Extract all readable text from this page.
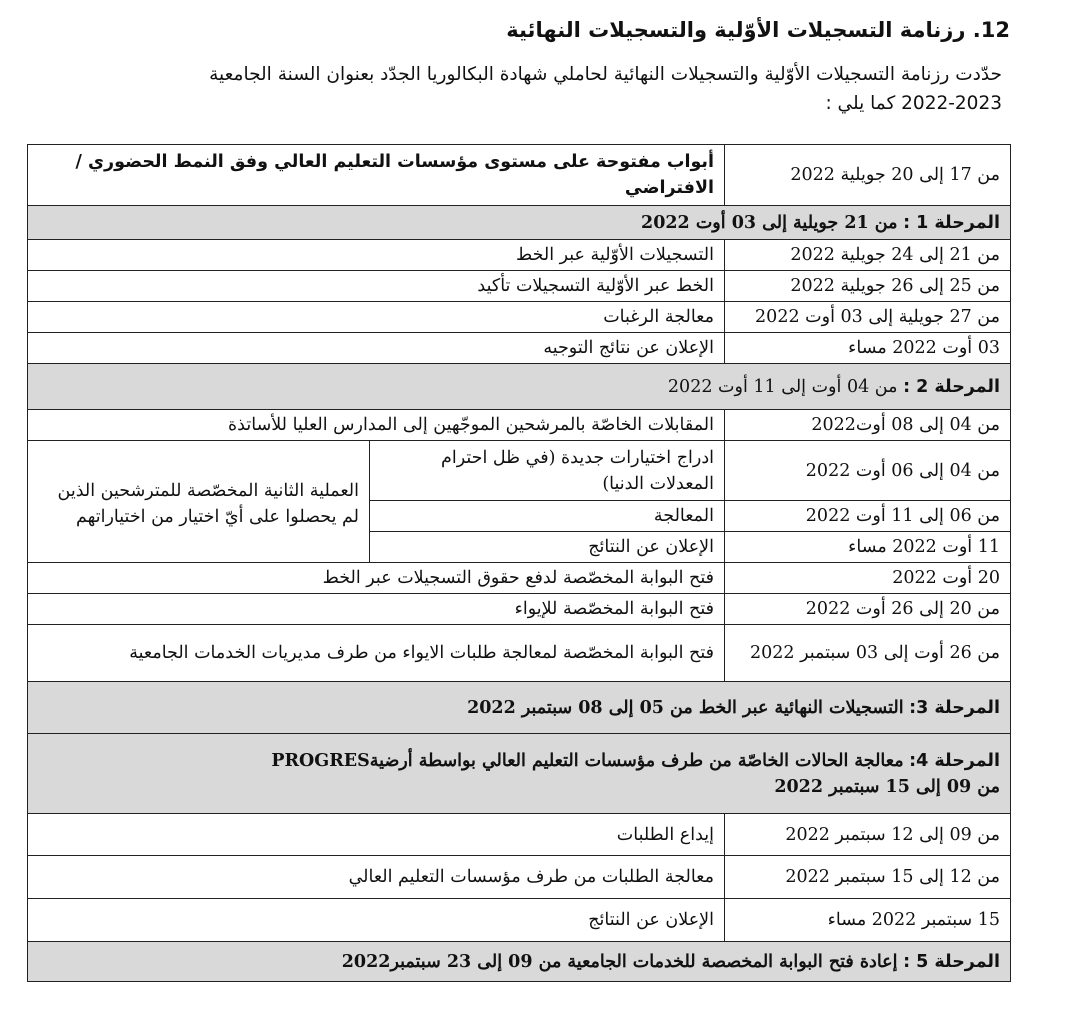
12. رزنامة التسجيلات الأوّلية والتسجيلات النهائية
حدّدت رزنامة التسجيلات الأوّلية والتسجيلات النهائية لحاملي شهادة البكالوريا الجدّد بعنوان السنة الجامعية
2022-2023 كما يلي :
من 17 إلى 20 جويلية 2022	أبواب مفتوحة على مستوى مؤسسات التعليم العالي وفق النمط الحضوري / الافتراضي	
المرحلة 1 : من 21 جويلية إلى 03 أوت 2022		
من 21 إلى 24 جويلية 2022	التسجيلات الأوّلية عبر الخط	
من 25 إلى 26 جويلية 2022	الخط عبر الأوّلية التسجيلات تأكيد	
من 27 جويلية إلى 03 أوت 2022	معالجة الرغبات	
03 أوت 2022 مساء	الإعلان عن نتائج التوجيه	
المرحلة 2 : من 04 أوت إلى 11 أوت 2022		
من 04 إلى 08 أوت2022	المقابلات الخاصّة بالمرشحين الموجّهين إلى المدارس العليا للأساتذة	
من 04 إلى 06 أوت 2022	ادراج اختيارات جديدة (في ظل احترام المعدلات الدنيا)	العملية الثانية المخصّصة للمترشحين الذين لم يحصلوا على أيّ اختيار من اختياراتهم
من 06 إلى 11 أوت 2022	المعالجة	
11 أوت 2022 مساء	الإعلان عن النتائج	
20 أوت 2022	فتح البوابة المخصّصة لدفع حقوق التسجيلات عبر الخط	
من 20 إلى 26 أوت 2022	فتح البوابة المخصّصة للإيواء	
من 26 أوت إلى 03 سبتمبر 2022	فتح البوابة المخصّصة لمعالجة طلبات الايواء من طرف مديريات الخدمات الجامعية	
المرحلة 3: التسجيلات النهائية عبر الخط من 05 إلى 08 سبتمبر 2022		
المرحلة 4: معالجة الحالات الخاصّة من طرف مؤسسات التعليم العالي بواسطة أرضيةPROGRES
من 09 إلى 15 سبتمبر 2022		
من 09 إلى 12 سبتمبر 2022	إيداع الطلبات	
من 12 إلى 15 سبتمبر 2022	معالجة الطلبات من طرف مؤسسات التعليم العالي	
15 سبتمبر 2022 مساء	الإعلان عن النتائج	
المرحلة 5 : إعادة فتح البوابة المخصصة للخدمات الجامعية من 09 إلى 23 سبتمبر2022		
